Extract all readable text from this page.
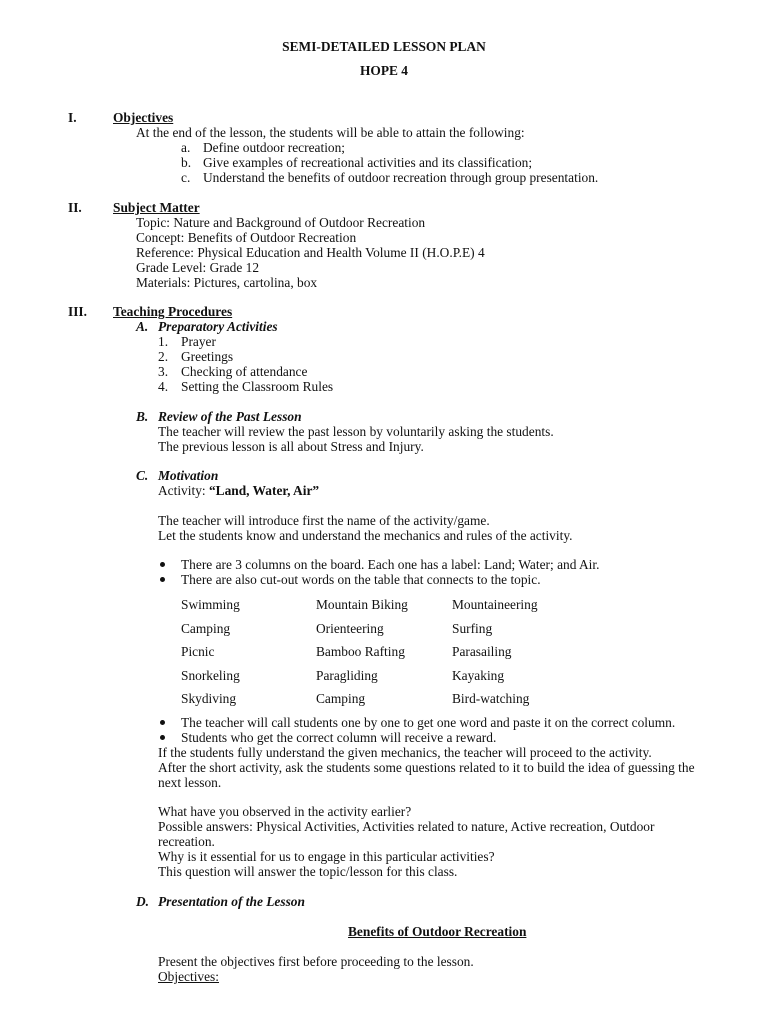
SEMI-DETAILED LESSON PLAN
HOPE 4
I.	Objectives
At the end of the lesson, the students will be able to attain the following:
a. Define outdoor recreation;
b. Give examples of recreational activities and its classification;
c. Understand the benefits of outdoor recreation through group presentation.
II. Subject Matter
Topic: Nature and Background of Outdoor Recreation
Concept: Benefits of Outdoor Recreation
Reference: Physical Education and Health Volume II (H.O.P.E) 4
Grade Level: Grade 12
Materials: Pictures, cartolina, box
III. Teaching Procedures
A. Preparatory Activities
1. Prayer
2. Greetings
3. Checking of attendance
4. Setting the Classroom Rules
B. Review of the Past Lesson
The teacher will review the past lesson by voluntarily asking the students.
The previous lesson is all about Stress and Injury.
C. Motivation
Activity: “Land, Water, Air”
The teacher will introduce first the name of the activity/game.
Let the students know and understand the mechanics and rules of the activity.
There are 3 columns on the board. Each one has a label: Land; Water; and Air.
There are also cut-out words on the table that connects to the topic.
Swimming	Mountain Biking	Mountaineering
Camping	Orienteering	Surfing
Picnic	Bamboo Rafting	Parasailing
Snorkeling	Paragliding	Kayaking
Skydiving	Camping	Bird-watching
The teacher will call students one by one to get one word and paste it on the correct column.
Students who get the correct column will receive a reward.
If the students fully understand the given mechanics, the teacher will proceed to the activity.
After the short activity, ask the students some questions related to it to build the idea of guessing the
next lesson.
What have you observed in the activity earlier?
Possible answers: Physical Activities, Activities related to nature, Active recreation, Outdoor
recreation.
Why is it essential for us to engage in this particular activities?
This question will answer the topic/lesson for this class.
D. Presentation of the Lesson
Benefits of Outdoor Recreation
Present the objectives first before proceeding to the lesson.
Objectives:
